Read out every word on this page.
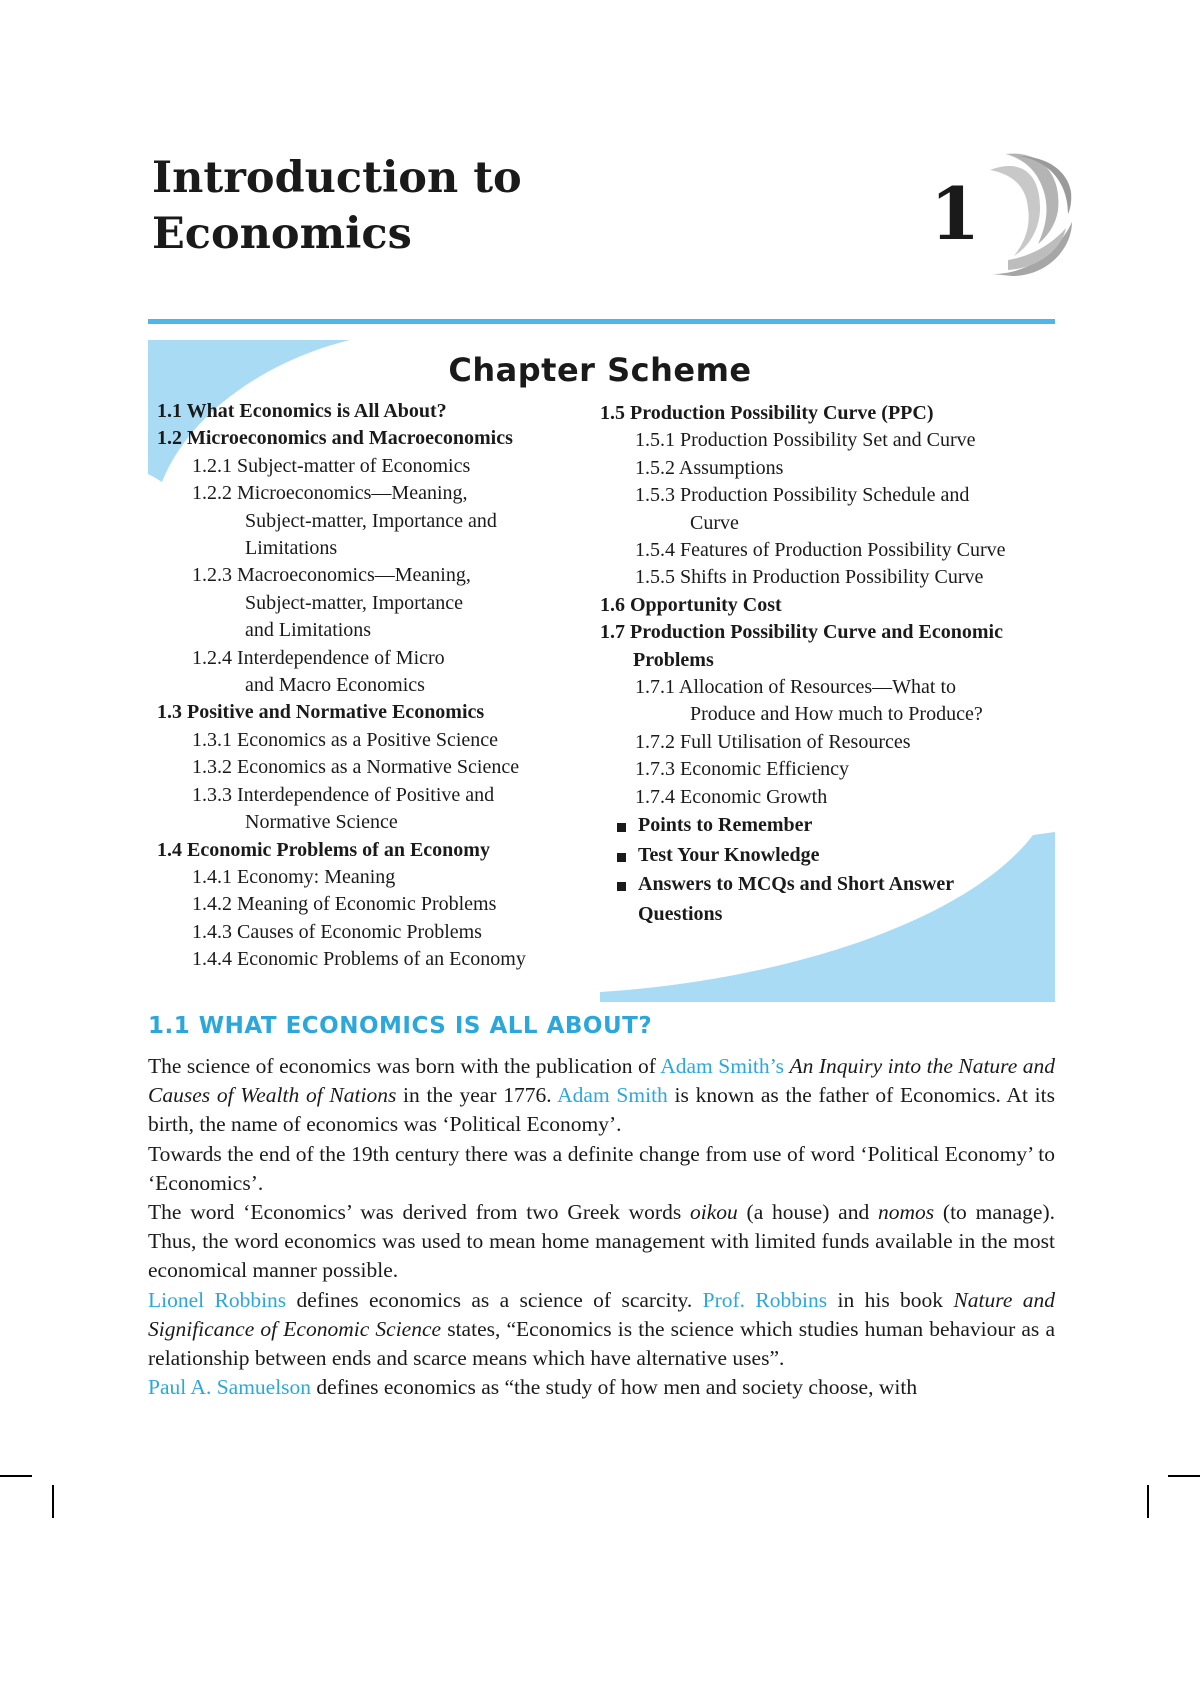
Introduction to
Economics	1
Chapter Scheme
1.1 What Economics is All About?
1.2 Microeconomics and Macroeconomics
1.2.1 Subject-matter of Economics
1.2.2 Microeconomics—Meaning,
Subject-matter, Importance and
Limitations
1.2.3 Macroeconomics—Meaning,
Subject-matter, Importance
and Limitations
1.2.4 Interdependence of Micro
and Macro Economics
1.3 Positive and Normative Economics
1.3.1 Economics as a Positive Science
1.3.2 Economics as a Normative Science
1.3.3 Interdependence of Positive and
Normative Science
1.4 Economic Problems of an Economy
1.4.1 Economy: Meaning
1.4.2 Meaning of Economic Problems
1.4.3 Causes of Economic Problems
1.4.4 Economic Problems of an Economy
1.5 Production Possibility Curve (PPC)
1.5.1 Production Possibility Set and Curve
1.5.2 Assumptions
1.5.3 Production Possibility Schedule and
Curve
1.5.4 Features of Production Possibility Curve
1.5.5 Shifts in Production Possibility Curve
1.6 Opportunity Cost
1.7 Production Possibility Curve and Economic
Problems
1.7.1 Allocation of Resources—What to
Produce and How much to Produce?
1.7.2 Full Utilisation of Resources
1.7.3 Economic Efficiency
1.7.4 Economic Growth
Points to Remember
Test Your Knowledge
Answers to MCQs and Short Answer
Questions
1.1 WHAT ECONOMICS IS ALL ABOUT?

The science of economics was born with the publication of Adam Smith’s An Inquiry into the Nature and Causes of Wealth of Nations in the year 1776. Adam Smith is known as the father of Economics. At its birth, the name of economics was ‘Political Economy’.

Towards the end of the 19th century there was a definite change from use of word ‘Political Economy’ to ‘Economics’.

The word ‘Economics’ was derived from two Greek words oikou (a house) and nomos (to manage). Thus, the word economics was used to mean home management with limited funds available in the most economical manner possible.

Lionel Robbins defines economics as a science of scarcity. Prof. Robbins in his book Nature and Significance of Economic Science states, “Economics is the science which studies human behaviour as a relationship between ends and scarce means which have alternative uses”.

Paul A. Samuelson defines economics as “the study of how men and society choose, with
